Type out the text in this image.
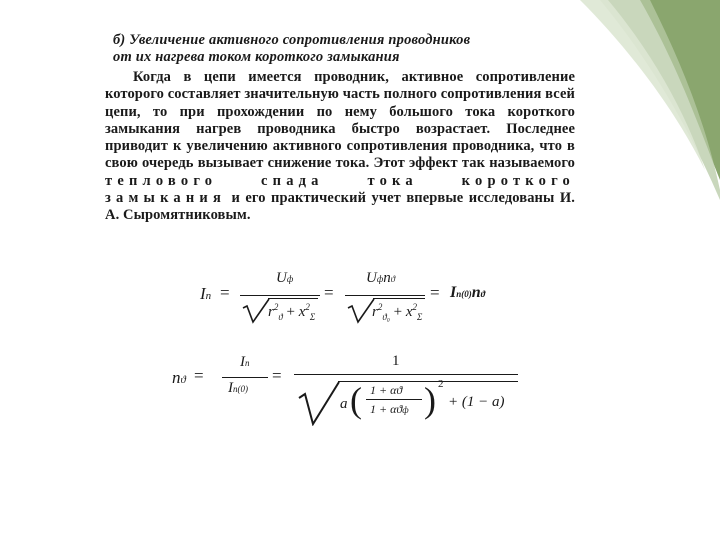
б) Увеличение активного сопротивления проводников
от их нагрева током короткого замыкания

Когда в цепи имеется проводник, активное сопротивление которого составляет значительную часть полного сопротивления всей цепи, то при прохождении по нему большого тока короткого замыкания нагрев проводника быстро возрастает. Последнее приводит к увеличению активного сопротивления проводника, что в свою очередь вызывает снижение тока. Этот эффект так называемого теплового спада тока короткого замыкания и его практический учет впервые исследованы И. А. Сыромятниковым.

Iп =
Uф
$r^2_ϑ + x^2_\Sigma$
=
Uфnϑ
$r^2_{ϑ_0} + x^2_\Sigma$
= Iп(0)nϑ
nϑ =
Iп
Iп(0)
=
1
a ( 1 + αϑ
1 + αϑф ) 2
+ (1 − a)
